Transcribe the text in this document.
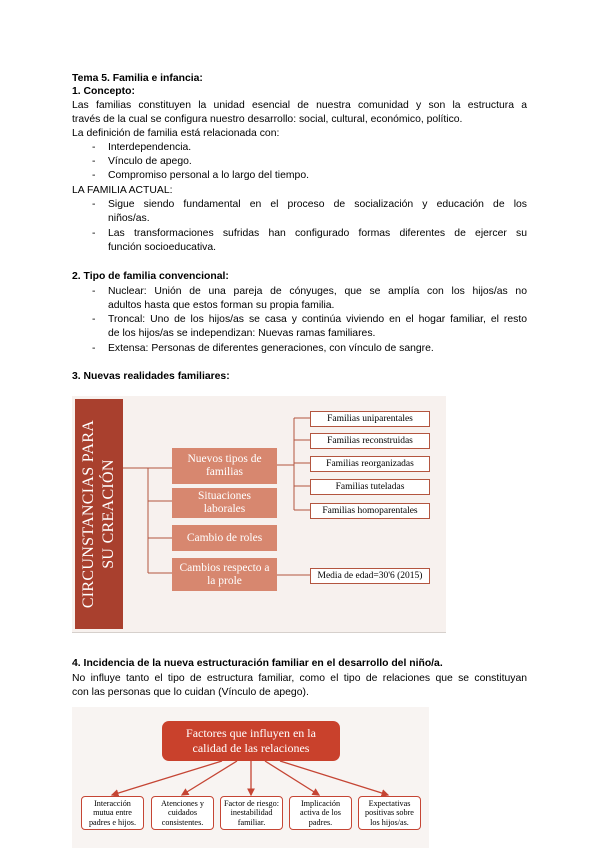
Tema 5. Familia e infancia:
1. Concepto:
Las familias constituyen la unidad esencial de nuestra comunidad y son la estructura a
través de la cual se configura nuestro desarrollo: social, cultural, económico, político.
La definición de familia está relacionada con:
- Interdependencia.
- Vínculo de apego.
- Compromiso personal a lo largo del tiempo.
LA FAMILIA ACTUAL:
- Sigue siendo fundamental en el proceso de socialización y educación de los
niños/as.
- Las transformaciones sufridas han configurado formas diferentes de ejercer su
función socioeducativa.
2. Tipo de familia convencional:
- Nuclear: Unión de una pareja de cónyuges, que se amplía con los hijos/as no
adultos hasta que estos forman su propia familia.
- Troncal: Uno de los hijos/as se casa y continúa viviendo en el hogar familiar, el resto
de los hijos/as se independizan: Nuevas ramas familiares.
- Extensa: Personas de diferentes generaciones, con vínculo de sangre.
3. Nuevas realidades familiares:
CIRCUNSTANCIAS PARA SU CREACIÓN
Nuevos tipos de
familias
Situaciones
laborales
Cambio de roles
Cambios respecto a
la prole
Familias uniparentales
Familias reconstruidas
Familias reorganizadas
Familias tuteladas
Familias homoparentales
Media de edad=30'6 (2015)
4. Incidencia de la nueva estructuración familiar en el desarrollo del niño/a.
No influye tanto el tipo de estructura familiar, como el tipo de relaciones que se constituyan
con las personas que lo cuidan (Vínculo de apego).
Factores que influyen en la
calidad de las relaciones
Interacción
mutua entre
padres e hijos.
Atenciones y
cuidados
consistentes.
Factor de riesgo:
inestabilidad
familiar.
Implicación
activa de los
padres.
Expectativas
positivas sobre
los hijos/as.
